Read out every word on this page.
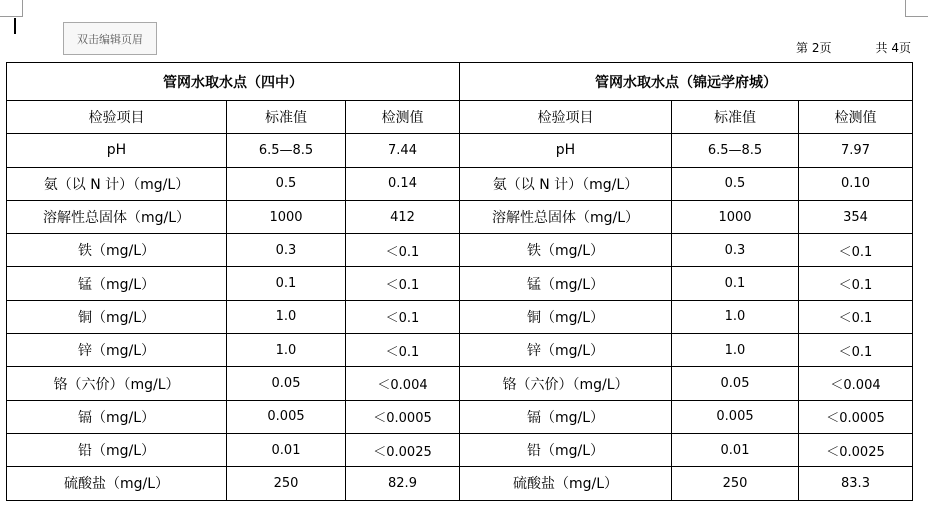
双击编辑页眉
第 2页	共 4页
管网水取水点（四中）			管网水取水点（锦远学府城）		
检验项目	标准值	检测值	检验项目	标准值	检测值
pH	6.5—8.5	7.44	pH	6.5—8.5	7.97
氨（以 N 计）（mg/L）	0.5	0.14	氨（以 N 计）（mg/L）	0.5	0.10
溶解性总固体（mg/L）	1000	412	溶解性总固体（mg/L）	1000	354
铁（mg/L）	0.3	＜0.1	铁（mg/L）	0.3	＜0.1
锰（mg/L）	0.1	＜0.1	锰（mg/L）	0.1	＜0.1
铜（mg/L）	1.0	＜0.1	铜（mg/L）	1.0	＜0.1
锌（mg/L）	1.0	＜0.1	锌（mg/L）	1.0	＜0.1
铬（六价）（mg/L）	0.05	＜0.004	铬（六价）（mg/L）	0.05	＜0.004
镉（mg/L）	0.005	＜0.0005	镉（mg/L）	0.005	＜0.0005
铅（mg/L）	0.01	＜0.0025	铅（mg/L）	0.01	＜0.0025
硫酸盐（mg/L）	250	82.9	硫酸盐（mg/L）	250	83.3
